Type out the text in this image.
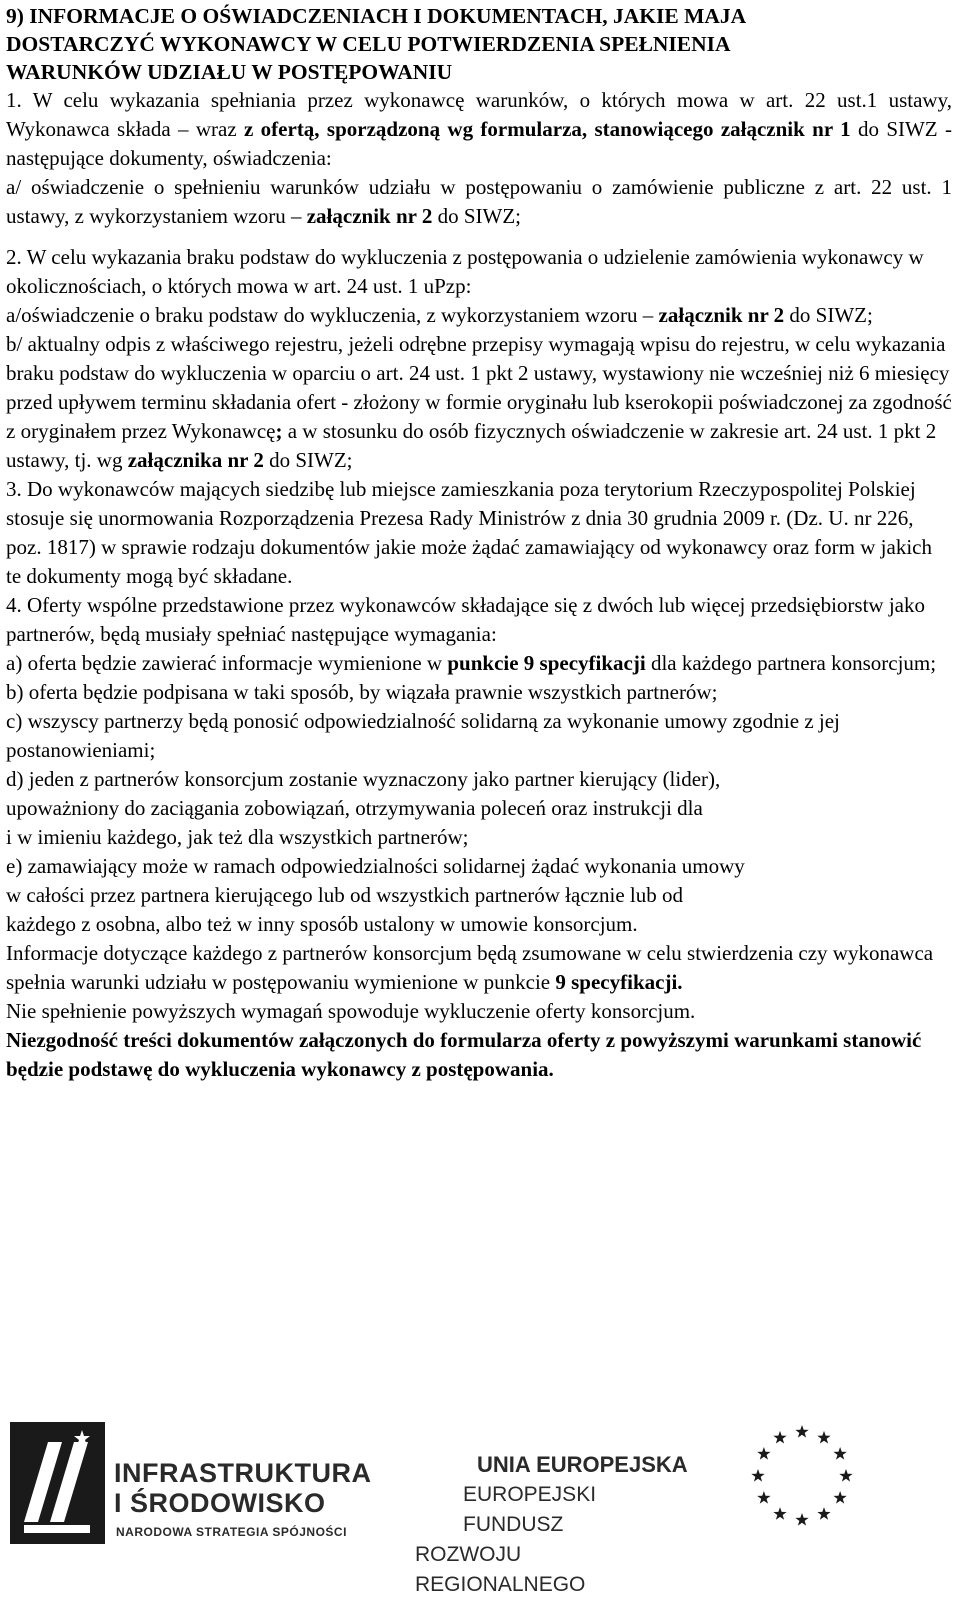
9) INFORMACJE O OŚWIADCZENIACH I DOKUMENTACH, JAKIE MAJA
DOSTARCZYĆ WYKONAWCY W CELU POTWIERDZENIA SPEŁNIENIA
WARUNKÓW UDZIAŁU W POSTĘPOWANIU

1. W celu wykazania spełniania przez wykonawcę warunków, o których mowa w art. 22 ust.1 ustawy, Wykonawca składa – wraz z ofertą, sporządzoną wg formularza, stanowiącego załącznik nr 1 do SIWZ - następujące dokumenty, oświadczenia:

a/ oświadczenie o spełnieniu warunków udziału w postępowaniu o zamówienie publiczne z art. 22 ust. 1 ustawy, z wykorzystaniem wzoru – załącznik nr 2 do SIWZ;

2. W celu wykazania braku podstaw do wykluczenia z postępowania o udzielenie zamówienia wykonawcy w okolicznościach, o których mowa w art. 24 ust. 1 uPzp:

a/oświadczenie o braku podstaw do wykluczenia, z wykorzystaniem wzoru – załącznik nr 2 do SIWZ;

b/ aktualny odpis z właściwego rejestru, jeżeli odrębne przepisy wymagają wpisu do rejestru, w celu wykazania braku podstaw do wykluczenia w oparciu o art. 24 ust. 1 pkt 2 ustawy, wystawiony nie wcześniej niż 6 miesięcy przed upływem terminu składania ofert - złożony w formie oryginału lub kserokopii poświadczonej za zgodność z oryginałem przez Wykonawcę; a w stosunku do osób fizycznych oświadczenie w zakresie art. 24 ust. 1 pkt 2 ustawy, tj. wg załącznika nr 2 do SIWZ;

3. Do wykonawców mających siedzibę lub miejsce zamieszkania poza terytorium Rzeczypospolitej Polskiej stosuje się unormowania Rozporządzenia Prezesa Rady Ministrów z dnia 30 grudnia 2009 r. (Dz. U. nr 226, poz. 1817) w sprawie rodzaju dokumentów jakie może żądać zamawiający od wykonawcy oraz form w jakich te dokumenty mogą być składane.

4. Oferty wspólne przedstawione przez wykonawców składające się z dwóch lub więcej przedsiębiorstw jako partnerów, będą musiały spełniać następujące wymagania:

a) oferta będzie zawierać informacje wymienione w punkcie 9 specyfikacji dla każdego partnera konsorcjum;

b) oferta będzie podpisana w taki sposób, by wiązała prawnie wszystkich partnerów;

c) wszyscy partnerzy będą ponosić odpowiedzialność solidarną za wykonanie umowy zgodnie z jej postanowieniami;

d) jeden z partnerów konsorcjum zostanie wyznaczony jako partner kierujący (lider),
upoważniony do zaciągania zobowiązań, otrzymywania poleceń oraz instrukcji dla
i w imieniu każdego, jak też dla wszystkich partnerów;

e) zamawiający może w ramach odpowiedzialności solidarnej żądać wykonania umowy
w całości przez partnera kierującego lub od wszystkich partnerów łącznie lub od
każdego z osobna, albo też w inny sposób ustalony w umowie konsorcjum.

Informacje dotyczące każdego z partnerów konsorcjum będą zsumowane w celu stwierdzenia czy wykonawca spełnia warunki udziału w postępowaniu wymienione w punkcie 9 specyfikacji.

Nie spełnienie powyższych wymagań spowoduje wykluczenie oferty konsorcjum.

Niezgodność treści dokumentów załączonych do formularza oferty z powyższymi warunkami stanowić będzie podstawę do wykluczenia wykonawcy z postępowania.

INFRASTRUKTURA
I ŚRODOWISKO
NARODOWA STRATEGIA SPÓJNOŚCI
UNIA EUROPEJSKA
EUROPEJSKI FUNDUSZ
ROZWOJU REGIONALNEGO
